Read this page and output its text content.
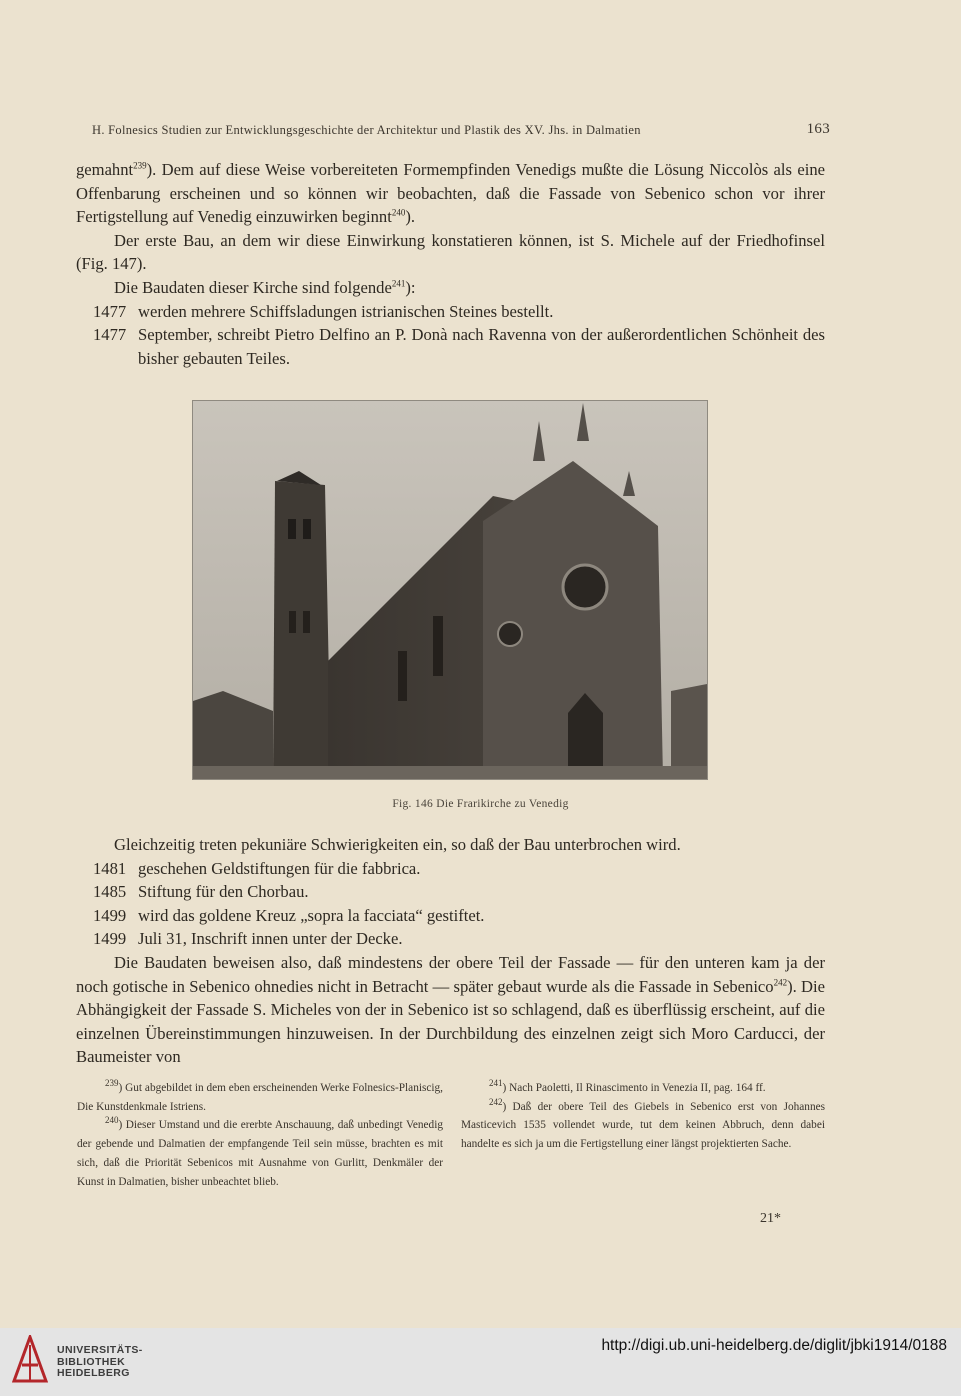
H. Folnesics Studien zur Entwicklungsgeschichte der Architektur und Plastik des XV. Jhs. in Dalmatien	163

gemahnt$^{239}$). Dem auf diese Weise vorbereiteten Formempfinden Venedigs mußte die Lösung Niccolòs als eine Offenbarung erscheinen und so können wir beobachten, daß die Fassade von Sebenico schon vor ihrer Fertigstellung auf Venedig einzuwirken beginnt$^{240}$).

Der erste Bau, an dem wir diese Einwirkung konstatieren können, ist S. Michele auf der Friedhofinsel (Fig. 147).

Die Baudaten dieser Kirche sind folgende$^{241}$):

1477 werden mehrere Schiffsladungen istrianischen Steines bestellt.

1477 September, schreibt Pietro Delfino an P. Donà nach Ravenna von der außerordentlichen Schönheit des bisher gebauten Teiles.

Fig. 146 Die Frarikirche zu Venedig

Gleichzeitig treten pekuniäre Schwierigkeiten ein, so daß der Bau unterbrochen wird.

1481 geschehen Geldstiftungen für die fabbrica.

1485 Stiftung für den Chorbau.

1499 wird das goldene Kreuz „sopra la facciata“ gestiftet.

1499 Juli 31, Inschrift innen unter der Decke.

Die Baudaten beweisen also, daß mindestens der obere Teil der Fassade — für den unteren kam ja der noch gotische in Sebenico ohnedies nicht in Betracht — später gebaut wurde als die Fassade in Sebenico$^{242}$). Die Abhängigkeit der Fassade S. Micheles von der in Sebenico ist so schlagend, daß es überflüssig erscheint, auf die einzelnen Übereinstimmungen hinzuweisen. In der Durchbildung des einzelnen zeigt sich Moro Carducci, der Baumeister von

$^{239}$) Gut abgebildet in dem eben erscheinenden Werke Folnesics-Planiscig, Die Kunstdenkmale Istriens.

$^{240}$) Dieser Umstand und die ererbte Anschauung, daß unbedingt Venedig der gebende und Dalmatien der empfangende Teil sein müsse, brachten es mit sich, daß die Priorität Sebenicos mit Ausnahme von Gurlitt, Denkmäler der Kunst in Dalmatien, bisher unbeachtet blieb.

$^{241}$) Nach Paoletti, Il Rinascimento in Venezia II, pag. 164 ff.

$^{242}$) Daß der obere Teil des Giebels in Sebenico erst von Johannes Masticevich 1535 vollendet wurde, tut dem keinen Abbruch, denn dabei handelte es sich ja um die Fertigstellung einer längst projektierten Sache.

21*
UNIVERSITÄTS-
BIBLIOTHEK
HEIDELBERG
http://digi.ub.uni-heidelberg.de/diglit/jbki1914/0188
